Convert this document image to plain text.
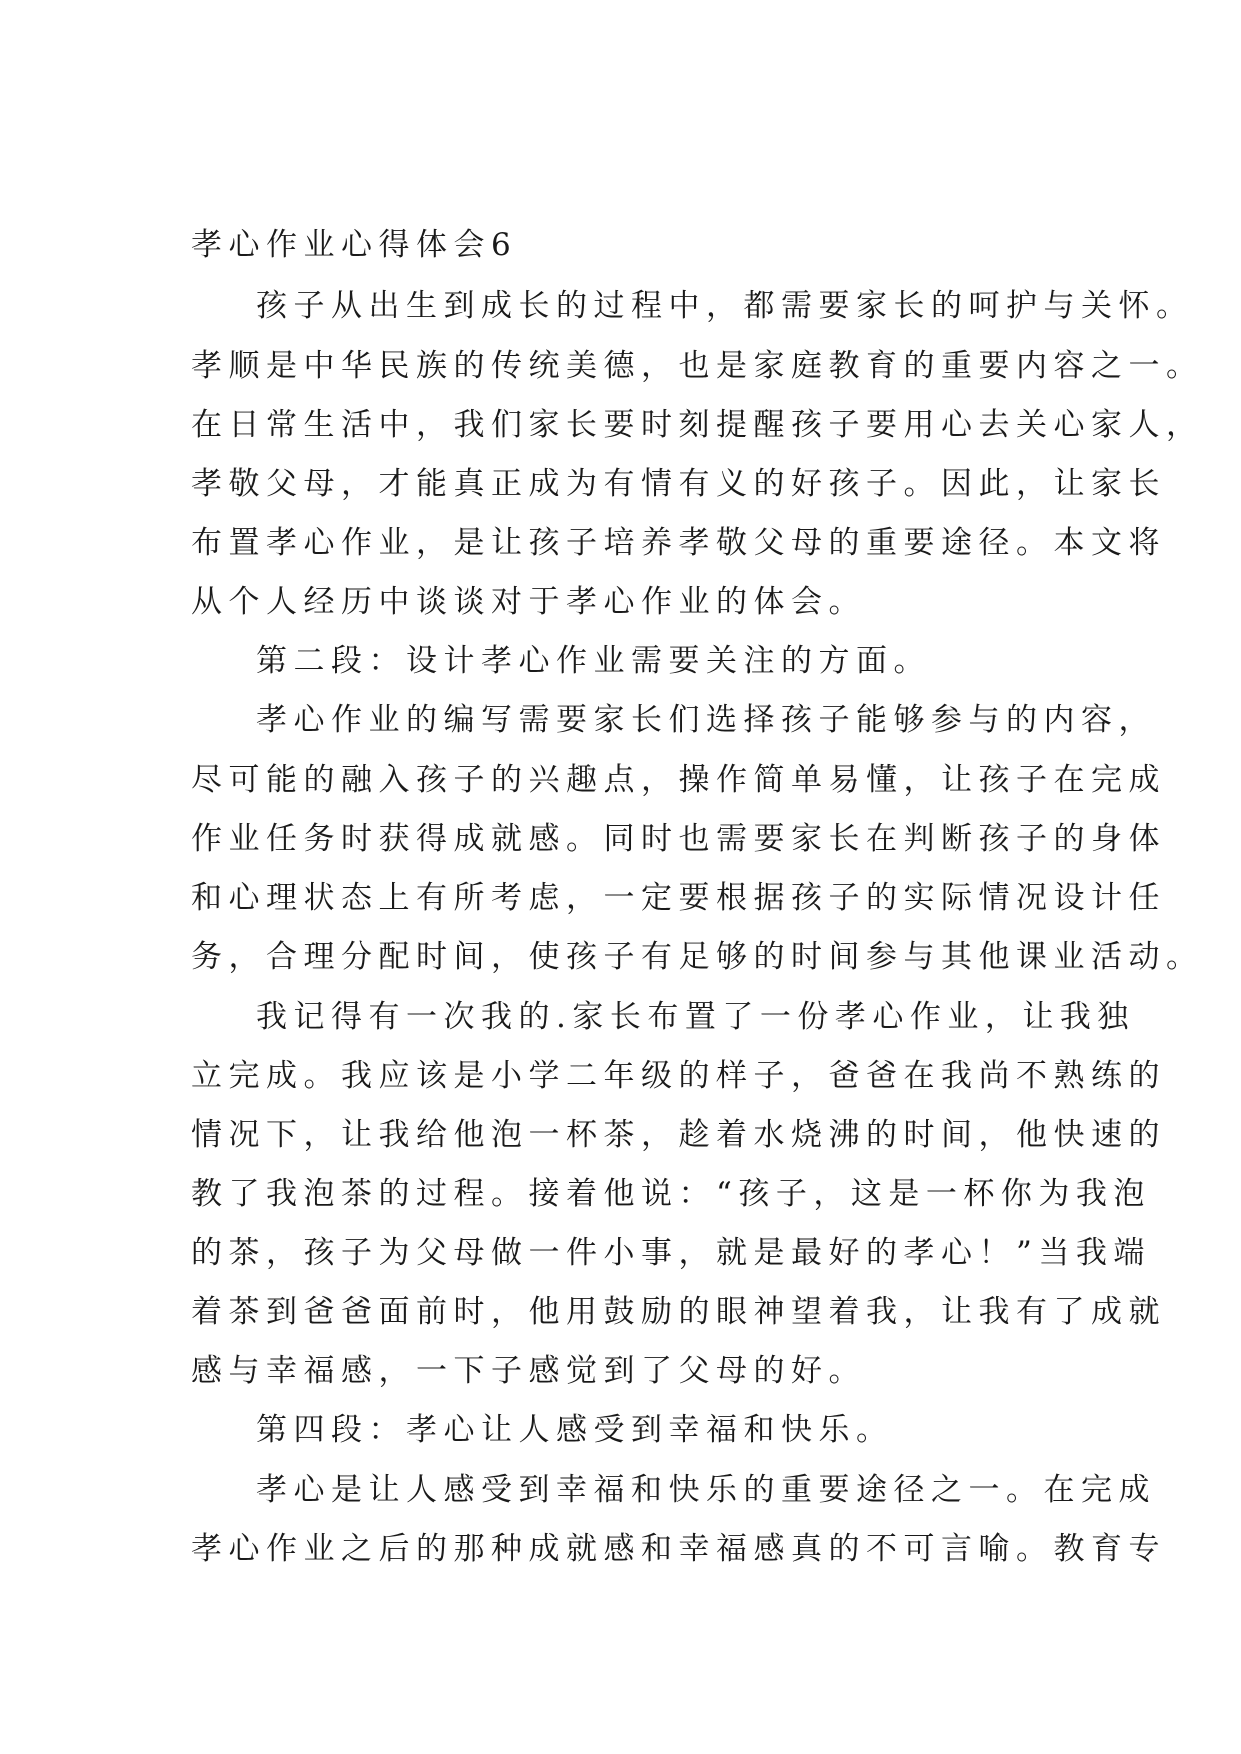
孝心作业心得体会6

孩子从出生到成长的过程中，都需要家长的呵护与关怀。

孝顺是中华民族的传统美德，也是家庭教育的重要内容之一。

在日常生活中，我们家长要时刻提醒孩子要用心去关心家人，

孝敬父母，才能真正成为有情有义的好孩子。因此，让家长

布置孝心作业，是让孩子培养孝敬父母的重要途径。本文将

从个人经历中谈谈对于孝心作业的体会。

第二段：设计孝心作业需要关注的方面。

孝心作业的编写需要家长们选择孩子能够参与的内容，

尽可能的融入孩子的兴趣点，操作简单易懂，让孩子在完成

作业任务时获得成就感。同时也需要家长在判断孩子的身体

和心理状态上有所考虑，一定要根据孩子的实际情况设计任

务，合理分配时间，使孩子有足够的时间参与其他课业活动。

我记得有一次我的.家长布置了一份孝心作业，让我独

立完成。我应该是小学二年级的样子，爸爸在我尚不熟练的

情况下，让我给他泡一杯茶，趁着水烧沸的时间，他快速的

教了我泡茶的过程。接着他说：“孩子，这是一杯你为我泡

的茶，孩子为父母做一件小事，就是最好的孝心！”当我端

着茶到爸爸面前时，他用鼓励的眼神望着我，让我有了成就

感与幸福感，一下子感觉到了父母的好。

第四段：孝心让人感受到幸福和快乐。

孝心是让人感受到幸福和快乐的重要途径之一。在完成

孝心作业之后的那种成就感和幸福感真的不可言喻。教育专
